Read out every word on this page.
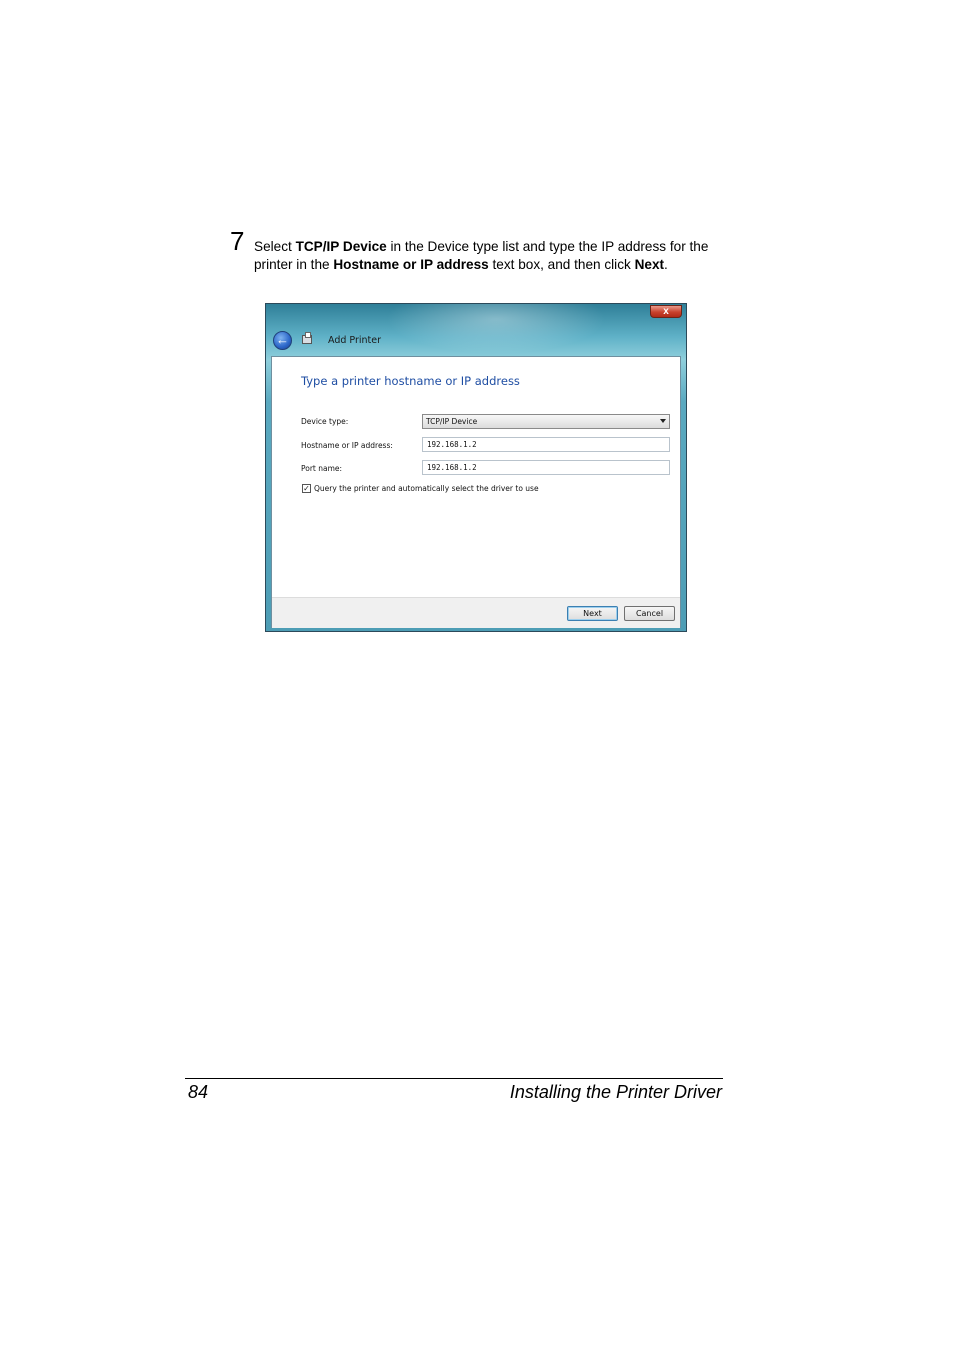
7 Select TCP/IP Device in the Device type list and type the IP address for the printer in the Hostname or IP address text box, and then click Next.
x
←	Add Printer
Type a printer hostname or IP address
Device type:	TCP/IP Device
Hostname or IP address:	192.168.1.2
Port name:	192.168.1.2
✓ Query the printer and automatically select the driver to use
Next	Cancel
84	Installing the Printer Driver
